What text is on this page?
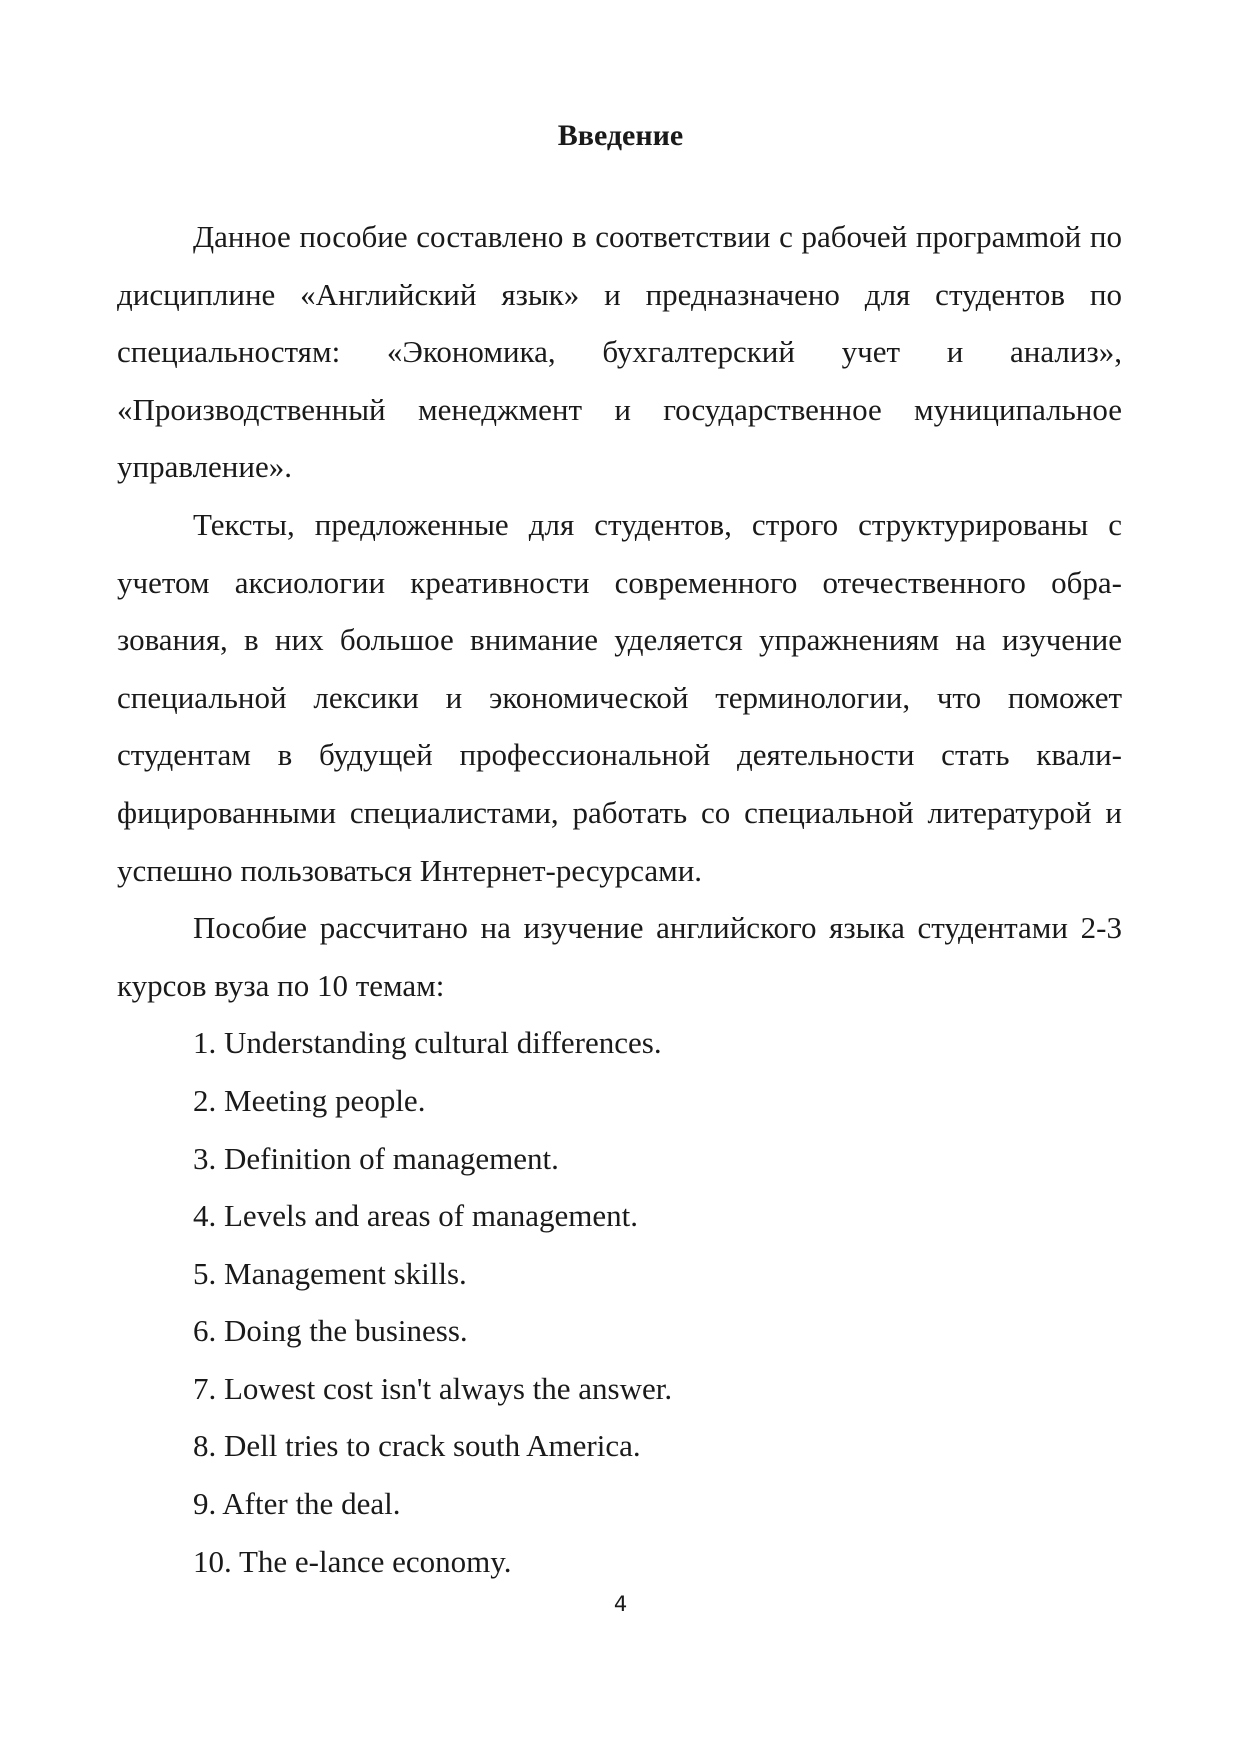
Введение

Данное пособие составлено в соответствии с рабочей програмmой по дисциплине «Английский язык» и предназначено для студентов по специальностям: «Экономика, бухгалтерский учет и анализ», «Производственный менеджмент и государственное муниципальное управление».

Тексты, предложенные для студентов, строго структурированы с учетом аксиологии креативности современного отечественного образования, в них большое внимание уделяется упражнениям на изучение специальной лексики и экономической терминологии, что поможет студентам в будущей профессиональной деятельности стать квалифицированными специалистами, работать со специальной литературой и успешно пользоваться Интернет-ресурсами.

Пособие рассчитано на изучение английского языка студентами 2-3 курсов вуза по 10 темам:

1. Understanding cultural differences.
2. Meeting people.
3. Definition of management.
4. Levels and areas of management.
5. Management skills.
6. Doing the business.
7. Lowest cost isn't always the answer.
8. Dell tries to crack south America.
9. After the deal.
10. The e-lance economy.
4
